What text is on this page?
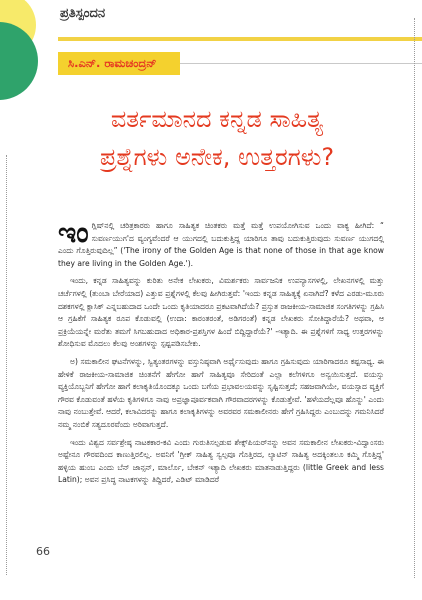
ಪ್ರತಿಸ್ಪಂದನ
ಸಿ.ಎನ್. ರಾಮಚಂದ್ರನ್
ವರ್ತಮಾನದ ಕನ್ನಡ ಸಾಹಿತ್ಯ
ಪ್ರಶ್ನೆಗಳು ಅನೇಕ, ಉತ್ತರಗಳು?

ಇಂಗ್ಲಿಷ್‌ನಲ್ಲಿ ಚರಿತ್ರಕಾರರು ಹಾಗೂ ಸಾಹಿತ್ಯಕ ಚಿಂತಕರು ಮತ್ತೆ ಮತ್ತೆ ಉಪಯೋಗಿಸುವ ಒಂದು ವಾಕ್ಯ ಹೀಗಿದೆ: “ ಸುವರ್ಣಯುಗ'ದ ವ್ಯಂಗ್ಯವೆಂದರೆ ಆ ಯುಗದಲ್ಲಿ ಬದುಕುತ್ತಿದ್ದ ಯಾರಿಗೂ ತಾವು ಬದುಕುತ್ತಿರುವುದು ಸುವರ್ಣ ಯುಗದಲ್ಲಿ ಎಂದು ಗೊತ್ತಿರುವುದಿಲ್ಲ” ('The irony of the Golden Age is that none of those in that age know they are living in the Golden Age.').

ಇಂದು, ಕನ್ನಡ ಸಾಹಿತ್ಯವನ್ನು ಕುರಿತು ಅನೇಕ ಲೇಖಕರು, ವಿಮರ್ಶಕರು ಸಾರ್ವಜನಿಕ ಉಪನ್ಯಾಸಗಳಲ್ಲಿ, ಲೇಖನಗಳಲ್ಲಿ ಮತ್ತು ಚರ್ಚೆಗಳಲ್ಲಿ (ತುಂಬಾ ಬೇರೆಯಾದ) ಎತ್ತುವ ಪ್ರಶ್ನೆಗಳಲ್ಲಿ ಕೆಲವು ಹೀಗಿರುತ್ತವೆ: 'ಇಂದು ಕನ್ನಡ ಸಾಹಿತ್ಯಕ್ಕೆ ಏನಾಗಿದೆ? ಕಳೆದ ಎರಡು-ಮೂರು ದಶಕಗಳಲ್ಲಿ ಕ್ಲಾಸಿಕ್ ಎನ್ನಬಹುದಾದ ಒಂದೇ ಒಂದು ಕೃತಿಯಾದರೂ ಪ್ರಕಟವಾಗಿದೆಯೆ? ಪ್ರಸ್ತುತ ರಾಜಕೀಯ-ಸಾಮಾಜಿಕ ಸಂಗತಿಗಳನ್ನು ಗ್ರಹಿಸಿ ಆ ಗ್ರಹಿಕೆಗೆ ಸಾಹಿತ್ಯಕ ರೂಪ ಕೊಡುವಲ್ಲಿ (ಉದಾ: ಕಾರಂತರಂತೆ, ಅಡಿಗರಂತೆ) ಕನ್ನಡ ಲೇಖಕರು ಸೋತಿದ್ದಾರೆಯೆ? ಅಥವಾ, ಆ ಪ್ರಕ್ರಿಯೆಯನ್ನೇ ಮರೆತು ತಮಗೆ ಸಿಗಬಹುದಾದ ಅಧಿಕಾರ-ಪ್ರಶಸ್ತಿಗಳ ಹಿಂದೆ ಬಿದ್ದಿದ್ದಾರೆಯೆ?' -ಇತ್ಯಾದಿ. ಈ ಪ್ರಶ್ನೆಗಳಿಗೆ ಸಾಧ್ಯ ಉತ್ತರಗಳನ್ನು ಶೋಧಿಸುವ ಮೊದಲು ಕೆಲವು ಅಂಶಗಳನ್ನು ಸ್ಪಷ್ಟಪಡಿಸಬೇಕು.

ಅ) ಸಮಕಾಲೀನ ಘಟನೆಗಳನ್ನು, ಸ್ವಿತ್ಯಂತರಗಳನ್ನು ವಸ್ತುನಿಷ್ಠವಾಗಿ ಅರ್ಥೈಸುವುದು ಹಾಗೂ ಗ್ರಹಿಸುವುದು ಯಾರಿಗಾದರೂ ಕಷ್ಟಸಾಧ್ಯ. ಈ ಹೇಳಿಕೆ ರಾಜಕೀಯ-ಸಾಮಾಜಿಕ ಚಿಂತನೆಗೆ ಹೇಗೋ ಹಾಗೆ ಸಾಹಿತ್ಯವೂ ಸೇರಿದಂತೆ ಎಲ್ಲಾ ಕಲೆಗಳಿಗೂ ಅನ್ವಯಿಸುತ್ತದೆ. ವಯಸ್ಸು ವ್ಯಕ್ತಿಯೊಬ್ಬನಿಗೆ ಹೇಗೋ ಹಾಗೆ ಕಲಾಕೃತಿಯೊಂದಕ್ಕೂ ಒಂದು ಬಗೆಯ ಪ್ರಭಾವಲಯವನ್ನು ಸೃಷ್ಟಿಸುತ್ತದೆ; ಸಹಜವಾಗಿಯೇ, ವಯಸ್ಸಾದ ವ್ಯಕ್ತಿಗೆ ಗೌರವ ಕೊಡುವಂತೆ ಹಳೆಯ ಕೃತಿಗಳಿಗೂ ನಾವು ಅಪ್ರಜ್ಞಾಪೂರ್ವಕವಾಗಿ ಗೌರವಾದರಗಳನ್ನು ಕೊಡುತ್ತೇವೆ. 'ಹಳೆಯದೆಲ್ಲವೂ ಹೊನ್ನು' ಎಂದು ನಾವು ನಂಬುತ್ತೇವೆ. ಆದರೆ, ಕಲಾವಿದರನ್ನು ಹಾಗೂ ಕಲಾಕೃತಿಗಳನ್ನು ಅವರವರ ಸಮಕಾಲೀನರು ಹೇಗೆ ಗ್ರಹಿಸಿದ್ದರು ಎಂಬುದನ್ನು ಗಮನಿಸಿದರೆ ನಮ್ಮ ನಂಬಿಕೆ ಸತ್ಯದೂರವೆಂದು ಅರಿವಾಗುತ್ತದೆ.

ಇಂದು ವಿಶ್ವದ ಸರ್ವಶ್ರೇಷ್ಠ ನಾಟಕಕಾರ-ಕವಿ ಎಂದು ಗುರುತಿಸಲ್ಪಡುವ ಶೇಕ್ಸ್‌ಪಿಯರ್‌ನನ್ನು ಅವನ ಸಮಕಾಲೀನ ಲೇಖಕರು-ವಿದ್ವಾಂಸರು ಅಷ್ಟೇನೂ ಗೌರವದಿಂದ ಕಾಣುತ್ತಿರಲಿಲ್ಲ. ಅವನಿಗೆ 'ಗ್ರೀಕ್ ಸಾಹಿತ್ಯ ಸ್ವಲ್ಪವೂ ಗೊತ್ತಿರದ, ಲ್ಯಾಟಿನ್ ಸಾಹಿತ್ಯ ಅದಕ್ಕಿಂತಲೂ ಕಮ್ಮಿ ಗೊತ್ತಿದ್ದ' ಹಳ್ಳಿಯ ಹುಂಬ ಎಂದು ಬೆನ್ ಜಾನ್ಸನ್, ಮಾರ್ಲೊ, ಬೇಕನ್ ಇತ್ಯಾದಿ ಲೇಖಕರು ಮಾತನಾಡುತ್ತಿದ್ದರು (little Greek and less Latin); ಅವನ ಪ್ರಸಿದ್ಧ ನಾಟಕಗಳನ್ನು ತಿದ್ದಿದರೆ, ಎಡಿಟ್ ಮಾಡಿದರೆ

66
